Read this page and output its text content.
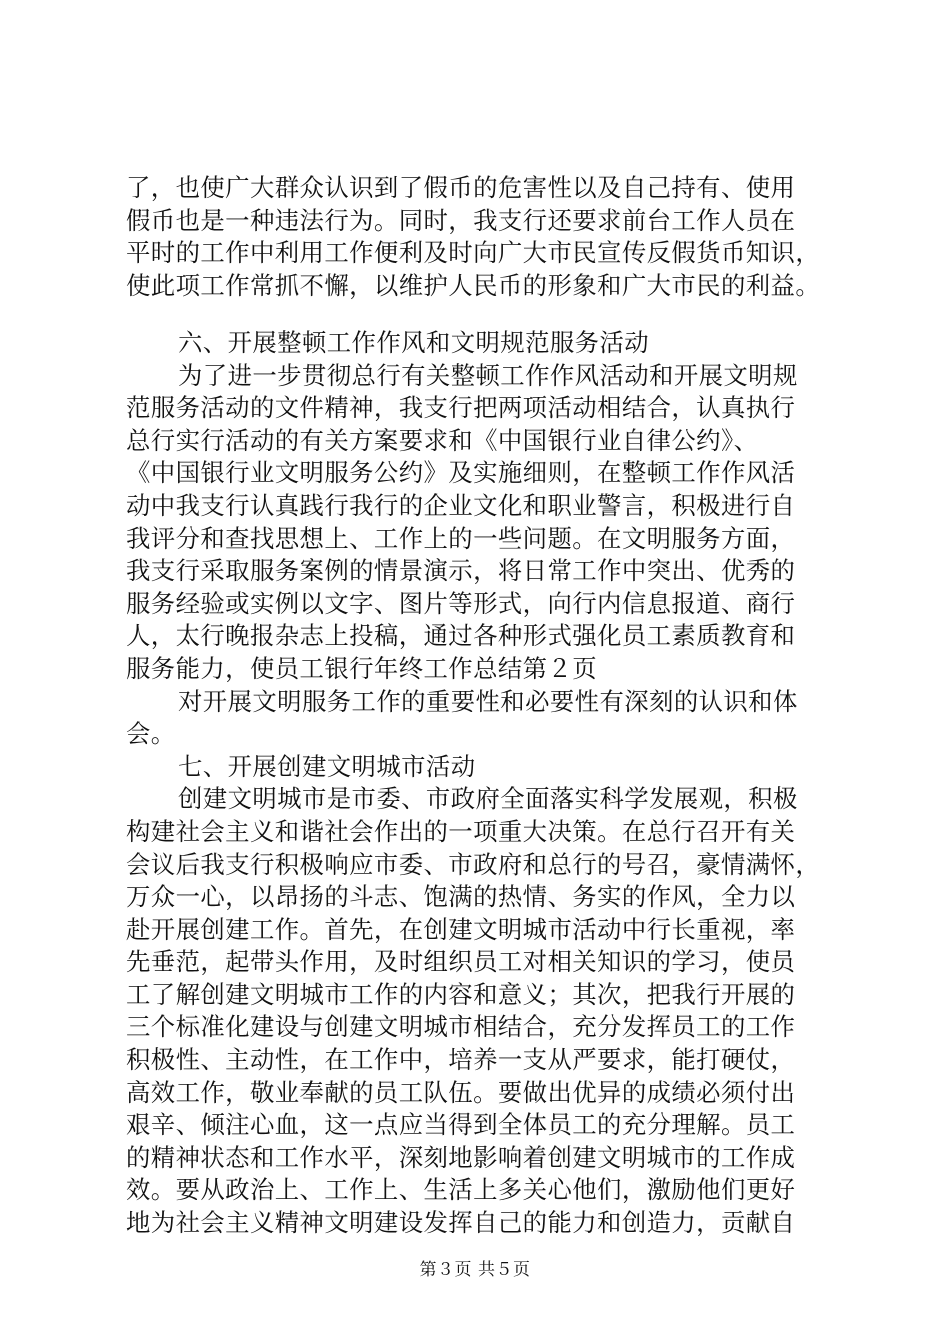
了，也使广大群众认识到了假币的危害性以及自己持有、使用
假币也是一种违法行为。同时，我支行还要求前台工作人员在
平时的工作中利用工作便利及时向广大市民宣传反假货币知识，
使此项工作常抓不懈，以维护人民币的形象和广大市民的利益。
六、开展整顿工作作风和文明规范服务活动
为了进一步贯彻总行有关整顿工作作风活动和开展文明规
范服务活动的文件精神，我支行把两项活动相结合，认真执行
总行实行活动的有关方案要求和《中国银行业自律公约》、
《中国银行业文明服务公约》及实施细则，在整顿工作作风活
动中我支行认真践行我行的企业文化和职业警言，积极进行自
我评分和查找思想上、工作上的一些问题。在文明服务方面，
我支行采取服务案例的情景演示，将日常工作中突出、优秀的
服务经验或实例以文字、图片等形式，向行内信息报道、商行
人，太行晚报杂志上投稿，通过各种形式强化员工素质教育和
服务能力，使员工银行年终工作总结第２页
对开展文明服务工作的重要性和必要性有深刻的认识和体
会。
七、开展创建文明城市活动
创建文明城市是市委、市政府全面落实科学发展观，积极
构建社会主义和谐社会作出的一项重大决策。在总行召开有关
会议后我支行积极响应市委、市政府和总行的号召，豪情满怀，
万众一心，以昂扬的斗志、饱满的热情、务实的作风，全力以
赴开展创建工作。首先，在创建文明城市活动中行长重视，率
先垂范，起带头作用，及时组织员工对相关知识的学习，使员
工了解创建文明城市工作的内容和意义；其次，把我行开展的
三个标准化建设与创建文明城市相结合，充分发挥员工的工作
积极性、主动性，在工作中，培养一支从严要求，能打硬仗，
高效工作，敬业奉献的员工队伍。要做出优异的成绩必须付出
艰辛、倾注心血，这一点应当得到全体员工的充分理解。员工
的精神状态和工作水平，深刻地影响着创建文明城市的工作成
效。要从政治上、工作上、生活上多关心他们，激励他们更好
地为社会主义精神文明建设发挥自己的能力和创造力，贡献自
第３页 共５页
